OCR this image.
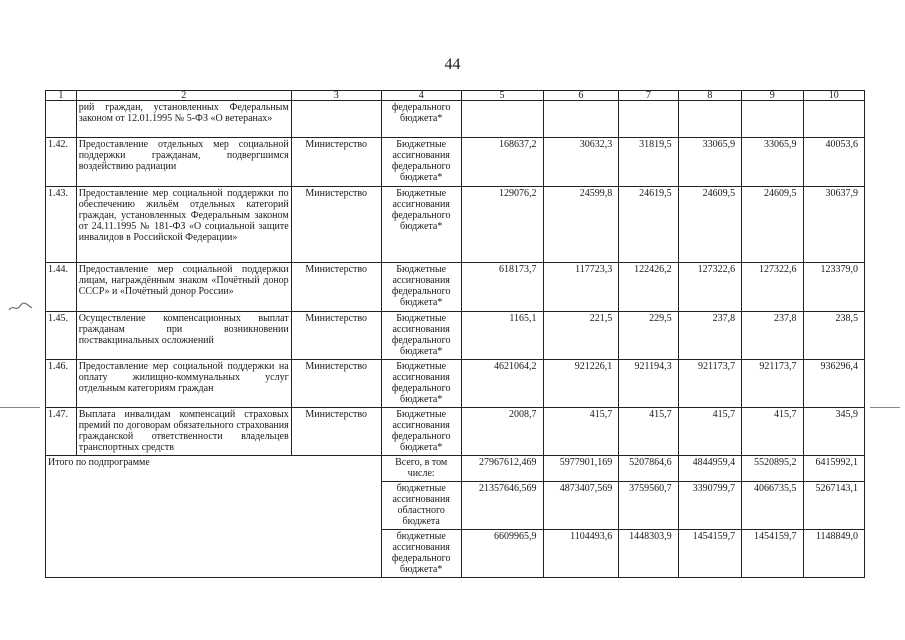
44
1	2	3	4	5	6	7	8	9	10
	рий граждан, установленных Федеральным законом от 12.01.1995 № 5-ФЗ «О ветеранах»		федерального бюджета*						
1.42.	Предоставление отдельных мер социальной поддержки гражданам, подвергшимся воздействию радиации	Министерство	Бюджетные ассигнования федерального бюджета*	168637,2	30632,3	31819,5	33065,9	33065,9	40053,6
1.43.	Предоставление мер социальной поддержки по обеспечению жильём отдельных категорий граждан, установленных Федеральным законом от 24.11.1995 № 181-ФЗ «О социальной защите инвалидов в Российской Федерации»	Министерство	Бюджетные ассигнования федерального бюджета*	129076,2	24599,8	24619,5	24609,5	24609,5	30637,9
1.44.	Предоставление мер социальной поддержки лицам, награждённым знаком «Почётный донор СССР» и «Почётный донор России»	Министерство	Бюджетные ассигнования федерального бюджета*	618173,7	117723,3	122426,2	127322,6	127322,6	123379,0
1.45.	Осуществление компенсационных выплат гражданам при возникновении поствакцинальных осложнений	Министерство	Бюджетные ассигнования федерального бюджета*	1165,1	221,5	229,5	237,8	237,8	238,5
1.46.	Предоставление мер социальной поддержки на оплату жилищно-коммунальных услуг отдельным категориям граждан	Министерство	Бюджетные ассигнования федерального бюджета*	4621064,2	921226,1	921194,3	921173,7	921173,7	936296,4
1.47.	Выплата инвалидам компенсаций страховых премий по договорам обязательного страхования гражданской ответственности владельцев транспортных средств	Министерство	Бюджетные ассигнования федерального бюджета*	2008,7	415,7	415,7	415,7	415,7	345,9
Итого по подпрограмме			Всего, в том числе:	27967612,469	5977901,169	5207864,6	4844959,4	5520895,2	6415992,1
			бюджетные ассигнования областного бюджета	21357646,569	4873407,569	3759560,7	3390799,7	4066735,5	5267143,1
			бюджетные ассигнования федерального бюджета*	6609965,9	1104493,6	1448303,9	1454159,7	1454159,7	1148849,0
